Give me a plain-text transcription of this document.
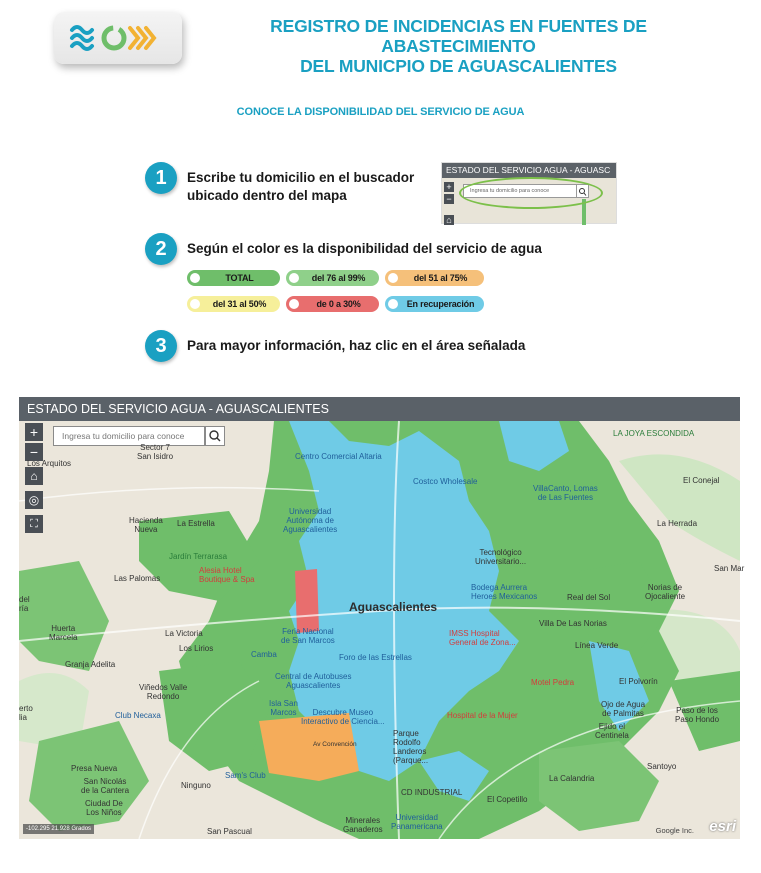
REGISTRO DE INCIDENCIAS EN FUENTES DE ABASTECIMIENTO
DEL MUNICPIO DE AGUASCALIENTES
CONOCE LA DISPONIBILIDAD DEL SERVICIO DE AGUA
1	Escribe tu domicilio en el buscador
ubicado dentro del mapa
ESTADO DEL SERVICIO AGUA - AGUASC
+
−
⌂
Ingresa tu domicilio para conoce
2	Según el color es la disponibilidad del servicio de agua
TOTAL	del 76 al 99%	del 51 al 75%
del 31 al 50%	de 0 a 30%	En recuperación
3	Para mayor información, haz clic en el área señalada
ESTADO DEL SERVICIO AGUA - AGUASCALIENTES
+
−
⌂
◎
⛶
Ingresa tu domicilio para conoce
Los Arquitos
Sector 7
San Isidro	Centro Comercial Altaria
Costco Wholesale
LA JOYA ESCONDIDA
El Conejal
VillaCanto, Lomas
de Las Fuentes
La Herrada
Universidad
Autónoma de
Aguascalientes
Hacienda
Nueva
La Estrella
Jardín Terrarasa
Alesia Hotel
Boutique & Spa
Las Palomas
Tecnológico
Universitario...
Bodega Aurrera
Heroes Mexicanos	Real del Sol
Norias de
Ojocaliente
Huerta
Marcela	La Victoria
Los Lirios
Feria Nacional
de San Marcos
IMSS Hospital
General de Zona...
Villa De Las Norias
Línea Verde
Granja Adelita
Camba	Foro de las Estrellas
Central de Autobuses
Aguascalientes	Motel Pedra	El Polvorín
Viñedos Valle
Redondo
Club Necaxa
Isla San
Marcos	Descubre Museo
Interactivo de Ciencia...
Hospital de la Mujer
Ojo de Agua
de Palmitas
Ejido el
Centinela
Paso de los
Paso Hondo
Parque
Rodolfo
Landeros
(Parque...
Presa Nueva
San Nicolás
de la Cantera
Sam's Club
Ninguno
La Calandria
Santoyo
Ciudad De
Los Niños
CD INDUSTRIAL
El Copetillo
Minerales
Ganaderos
Universidad
Panamericana
San Pascual
San Mar
del
ría
erto
lia
Av Convención
Aguascalientes
-102.295 21.928 Grados	Google Inc. esri
